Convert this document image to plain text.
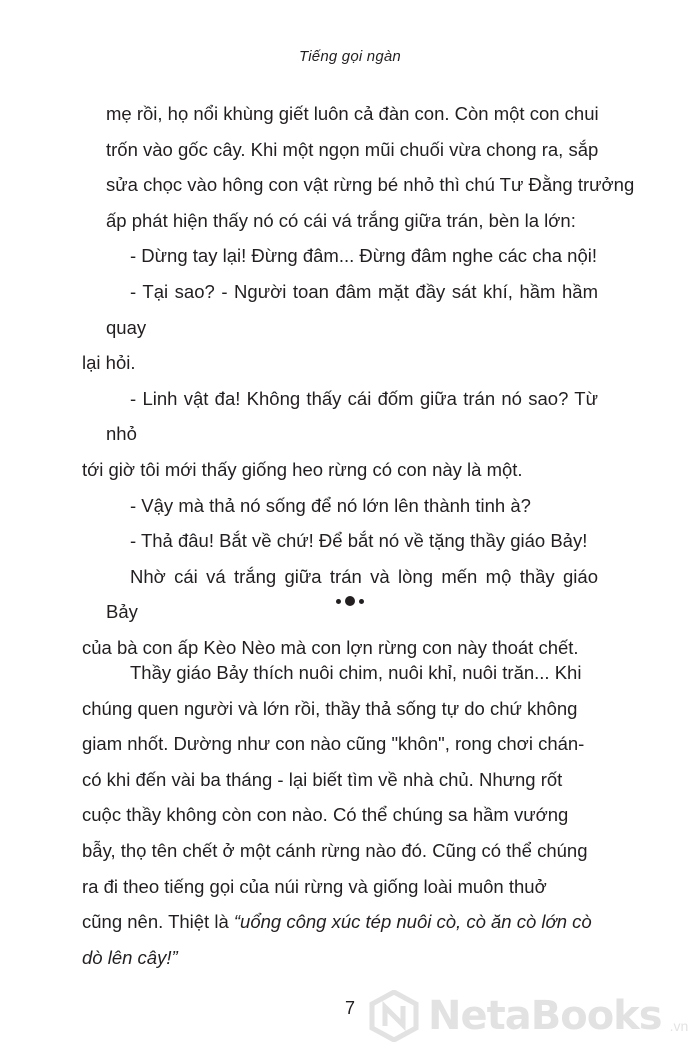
Tiếng gọi ngàn

mẹ rồi, họ nổi khùng giết luôn cả đàn con. Còn một con chui
trốn vào gốc cây. Khi một ngọn mũi chuối vừa chong ra, sắp
sửa chọc vào hông con vật rừng bé nhỏ thì chú Tư Đằng trưởng
ấp phát hiện thấy nó có cái vá trắng giữa trán, bèn la lớn:

- Dừng tay lại! Đừng đâm... Đừng đâm nghe các cha nội!

- Tại sao? - Người toan đâm mặt đầy sát khí, hầm hầm quay
lại hỏi.

- Linh vật đa! Không thấy cái đốm giữa trán nó sao? Từ nhỏ
tới giờ tôi mới thấy giống heo rừng có con này là một.

- Vậy mà thả nó sống để nó lớn lên thành tinh à?

- Thả đâu! Bắt về chứ! Để bắt nó về tặng thầy giáo Bảy!

Nhờ cái vá trắng giữa trán và lòng mến mộ thầy giáo Bảy
của bà con ấp Kèo Nèo mà con lợn rừng con này thoát chết.

Thầy giáo Bảy thích nuôi chim, nuôi khỉ, nuôi trăn... Khi
chúng quen người và lớn rồi, thầy thả sống tự do chứ không
giam nhốt. Dường như con nào cũng "khôn", rong chơi chán-
có khi đến vài ba tháng - lại biết tìm về nhà chủ. Nhưng rốt
cuộc thầy không còn con nào. Có thể chúng sa hầm vướng
bẫy, thọ tên chết ở một cánh rừng nào đó. Cũng có thể chúng
ra đi theo tiếng gọi của núi rừng và giống loài muôn thuở
cũng nên. Thiệt là “uổng công xúc tép nuôi cò, cò ăn cò lớn cò
dò lên cây!”

7	NetaBooks .vn
